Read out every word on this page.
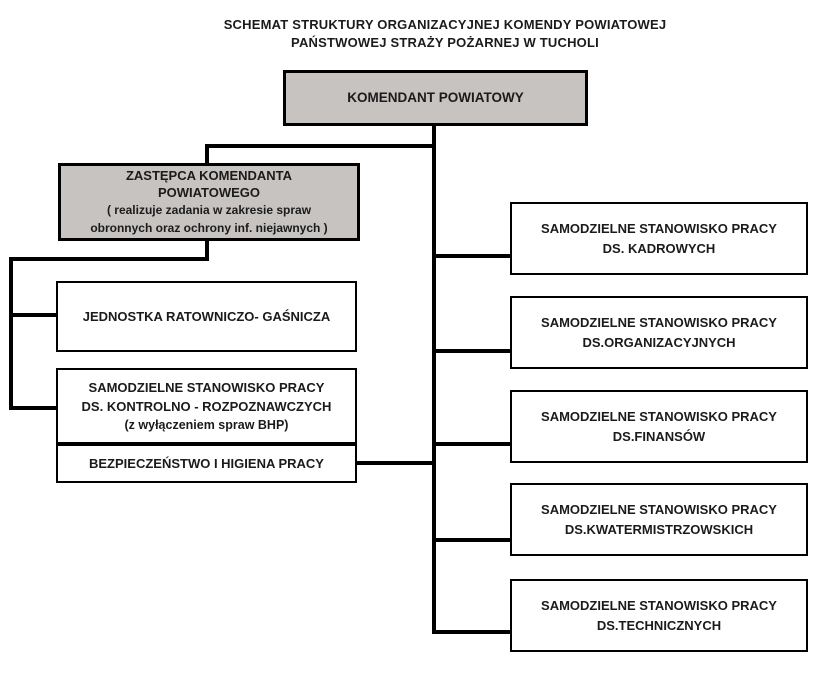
SCHEMAT STRUKTURY ORGANIZACYJNEJ KOMENDY POWIATOWEJ
PAŃSTWOWEJ STRAŻY POŻARNEJ W TUCHOLI
KOMENDANT POWIATOWY
ZASTĘPCA KOMENDANTA
POWIATOWEGO
( realizuje zadania w zakresie spraw
obronnych oraz ochrony inf. niejawnych )
JEDNOSTKA RATOWNICZO- GAŚNICZA
SAMODZIELNE STANOWISKO PRACY
DS. KONTROLNO - ROZPOZNAWCZYCH
(z wyłączeniem spraw BHP)
BEZPIECZEŃSTWO I HIGIENA PRACY
SAMODZIELNE STANOWISKO PRACY
DS. KADROWYCH
SAMODZIELNE STANOWISKO PRACY
DS.ORGANIZACYJNYCH
SAMODZIELNE STANOWISKO PRACY
DS.FINANSÓW
SAMODZIELNE STANOWISKO PRACY
DS.KWATERMISTRZOWSKICH
SAMODZIELNE STANOWISKO PRACY
DS.TECHNICZNYCH
